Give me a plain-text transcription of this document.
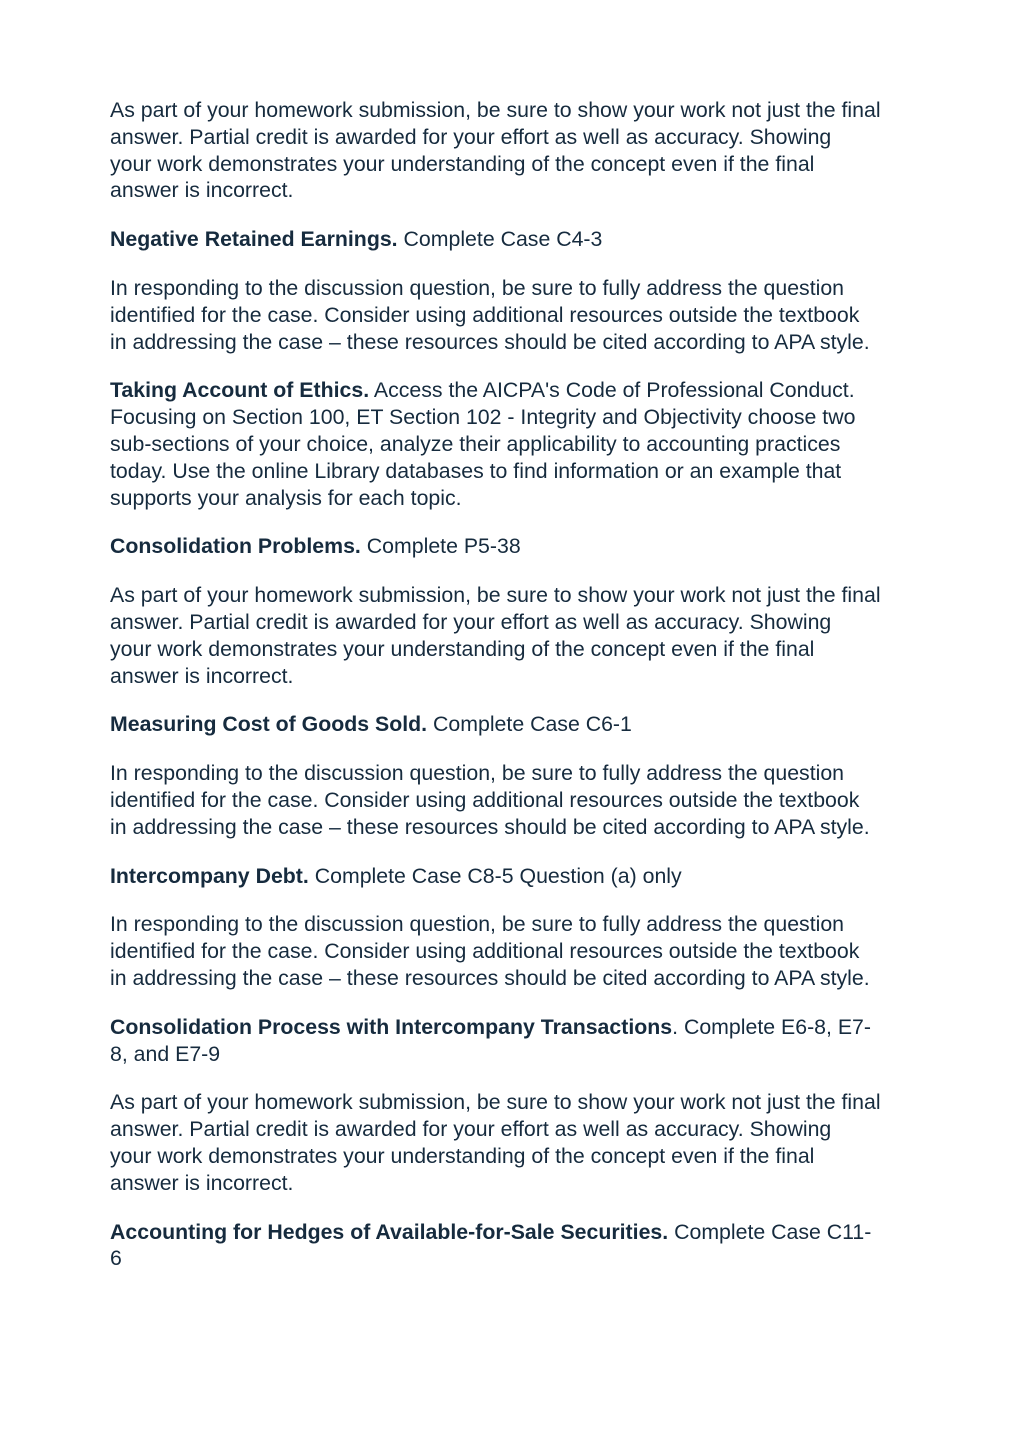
As part of your homework submission, be sure to show your work not just the final
answer. Partial credit is awarded for your effort as well as accuracy. Showing
your work demonstrates your understanding of the concept even if the final
answer is incorrect.

Negative Retained Earnings. Complete Case C4-3

In responding to the discussion question, be sure to fully address the question
identified for the case. Consider using additional resources outside the textbook
in addressing the case – these resources should be cited according to APA style.

Taking Account of Ethics. Access the AICPA's Code of Professional Conduct.
Focusing on Section 100, ET Section 102 - Integrity and Objectivity choose two
sub-sections of your choice, analyze their applicability to accounting practices
today. Use the online Library databases to find information or an example that
supports your analysis for each topic.

Consolidation Problems. Complete P5-38

As part of your homework submission, be sure to show your work not just the final
answer. Partial credit is awarded for your effort as well as accuracy. Showing
your work demonstrates your understanding of the concept even if the final
answer is incorrect.

Measuring Cost of Goods Sold. Complete Case C6-1

In responding to the discussion question, be sure to fully address the question
identified for the case. Consider using additional resources outside the textbook
in addressing the case – these resources should be cited according to APA style.

Intercompany Debt. Complete Case C8-5 Question (a) only

In responding to the discussion question, be sure to fully address the question
identified for the case. Consider using additional resources outside the textbook
in addressing the case – these resources should be cited according to APA style.

Consolidation Process with Intercompany Transactions. Complete E6-8, E7-
8, and E7-9

As part of your homework submission, be sure to show your work not just the final
answer. Partial credit is awarded for your effort as well as accuracy. Showing
your work demonstrates your understanding of the concept even if the final
answer is incorrect.

Accounting for Hedges of Available-for-Sale Securities. Complete Case C11-
6
